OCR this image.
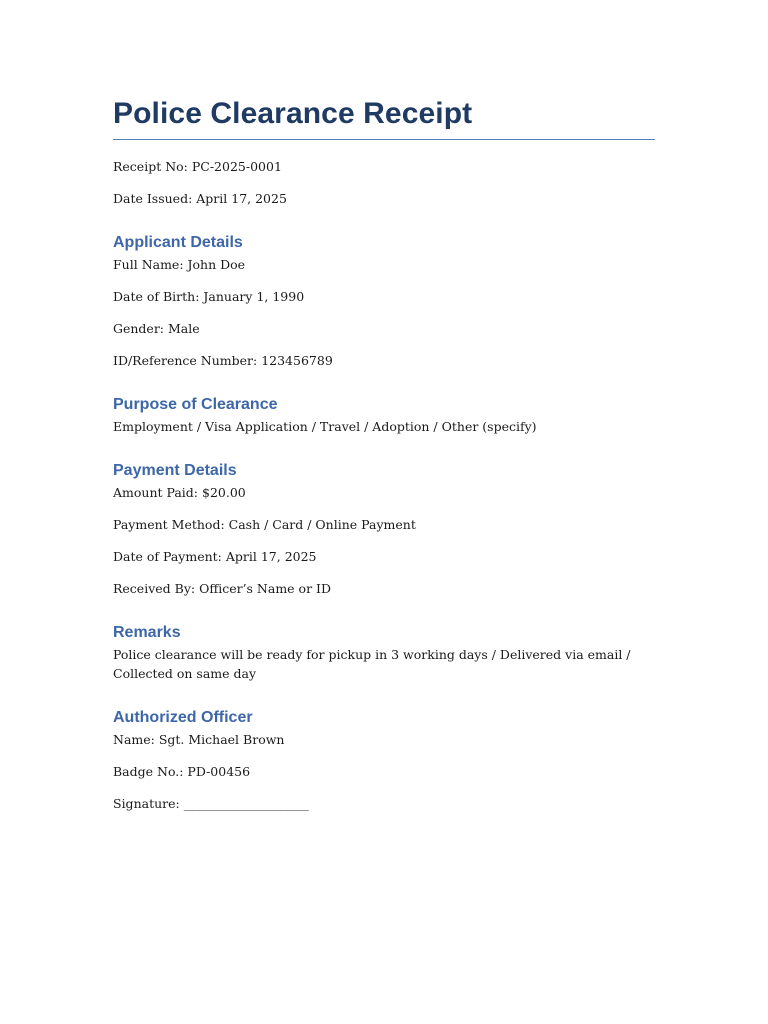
Police Clearance Receipt

Receipt No: PC-2025-0001

Date Issued: April 17, 2025

Applicant Details

Full Name: John Doe

Date of Birth: January 1, 1990

Gender: Male

ID/Reference Number: 123456789

Purpose of Clearance

Employment / Visa Application / Travel / Adoption / Other (specify)

Payment Details

Amount Paid: $20.00

Payment Method: Cash / Card / Online Payment

Date of Payment: April 17, 2025

Received By: Officer’s Name or ID

Remarks

Police clearance will be ready for pickup in 3 working days / Delivered via email / Collected on same day

Authorized Officer

Name: Sgt. Michael Brown

Badge No.: PD-00456

Signature: ____________________
